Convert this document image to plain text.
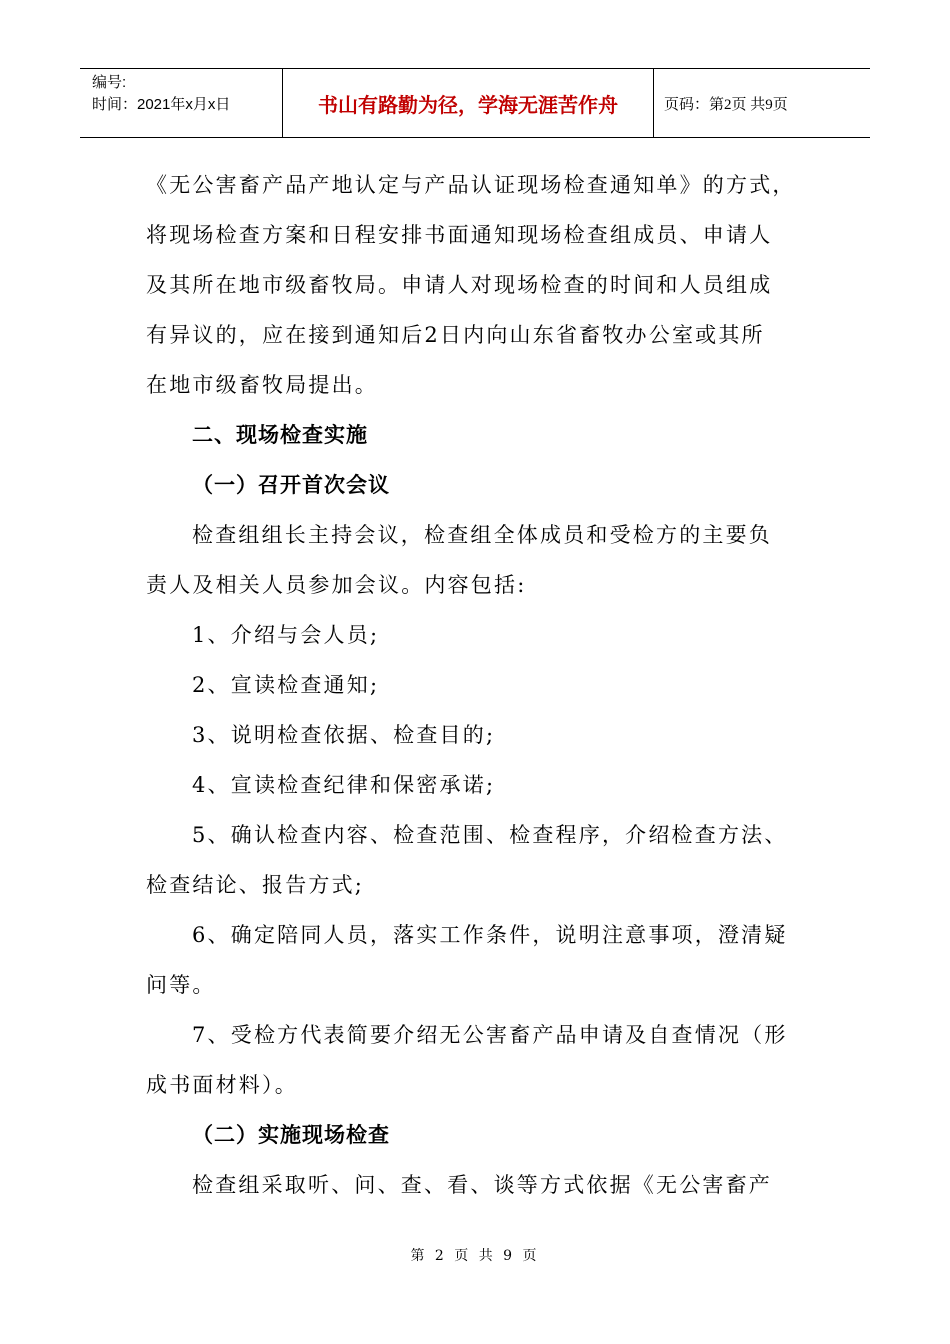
编号:
时间：2021年x月x日	书山有路勤为径，学海无涯苦作舟	页码：第2页 共9页

《无公害畜产品产地认定与产品认证现场检查通知单》的方式，

将现场检查方案和日程安排书面通知现场检查组成员、申请人

及其所在地市级畜牧局。申请人对现场检查的时间和人员组成

有异议的，应在接到通知后2日内向山东省畜牧办公室或其所

在地市级畜牧局提出。

二、现场检查实施

（一）召开首次会议

检查组组长主持会议，检查组全体成员和受检方的主要负

责人及相关人员参加会议。内容包括:

1、介绍与会人员;

2、宣读检查通知;

3、说明检查依据、检查目的;

4、宣读检查纪律和保密承诺;

5、确认检查内容、检查范围、检查程序，介绍检查方法、

检查结论、报告方式;

6、确定陪同人员，落实工作条件，说明注意事项，澄清疑

问等。

7、受检方代表简要介绍无公害畜产品申请及自查情况（形

成书面材料）。

（二）实施现场检查

检查组采取听、问、查、看、谈等方式依据《无公害畜产

第 2 页 共 9 页
